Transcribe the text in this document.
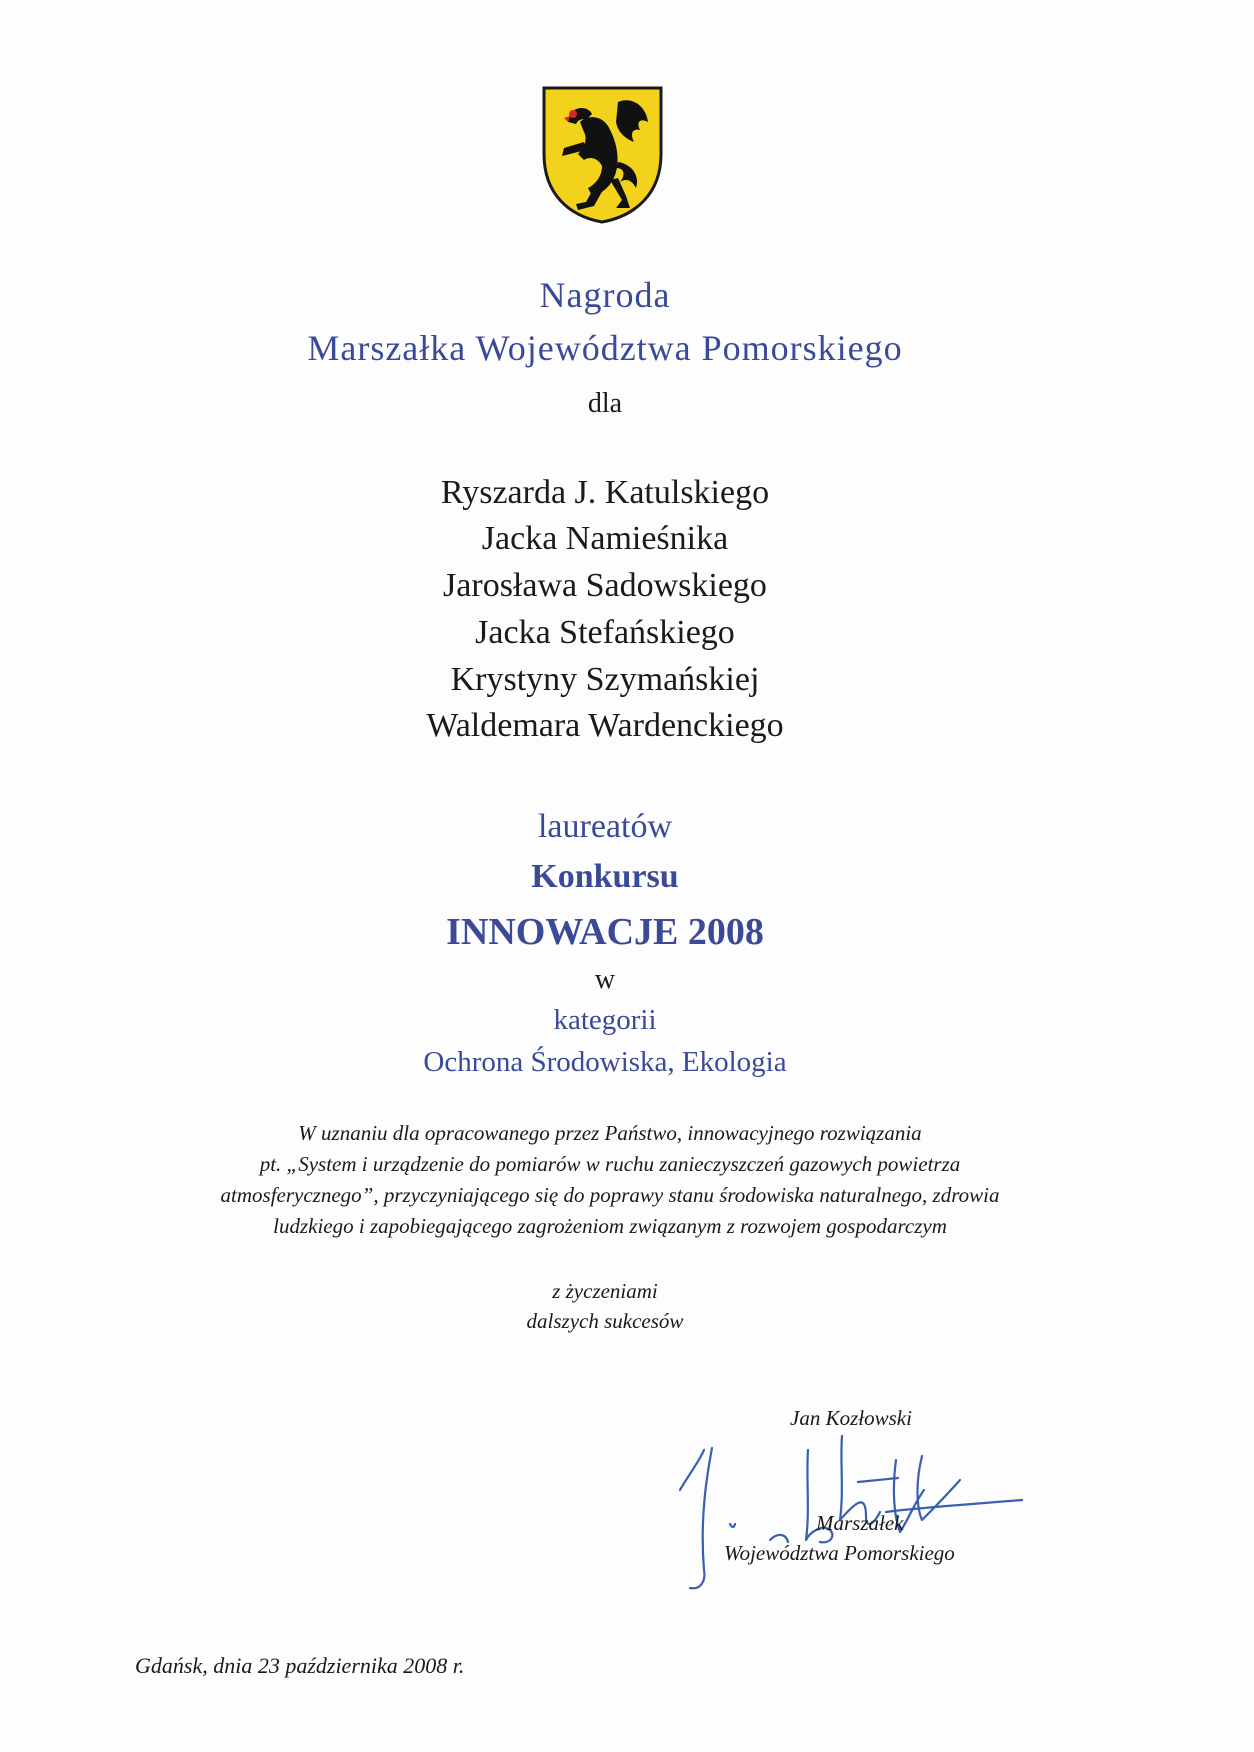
Nagroda
Marszałka Województwa Pomorskiego
dla
Ryszarda J. Katulskiego
Jacka Namieśnika
Jarosława Sadowskiego
Jacka Stefańskiego
Krystyny Szymańskiej
Waldemara Wardenckiego
laureatów
Konkursu
INNOWACJE 2008
w
kategorii
Ochrona Środowiska, Ekologia
W uznaniu dla opracowanego przez Państwo, innowacyjnego rozwiązania
pt. „System i urządzenie do pomiarów w ruchu zanieczyszczeń gazowych powietrza
atmosferycznego”, przyczyniającego się do poprawy stanu środowiska naturalnego, zdrowia
ludzkiego i zapobiegającego zagrożeniom związanym z rozwojem gospodarczym
z życzeniami
dalszych sukcesów
Jan Kozłowski
Marszałek
Województwa Pomorskiego
Gdańsk, dnia 23 października 2008 r.
